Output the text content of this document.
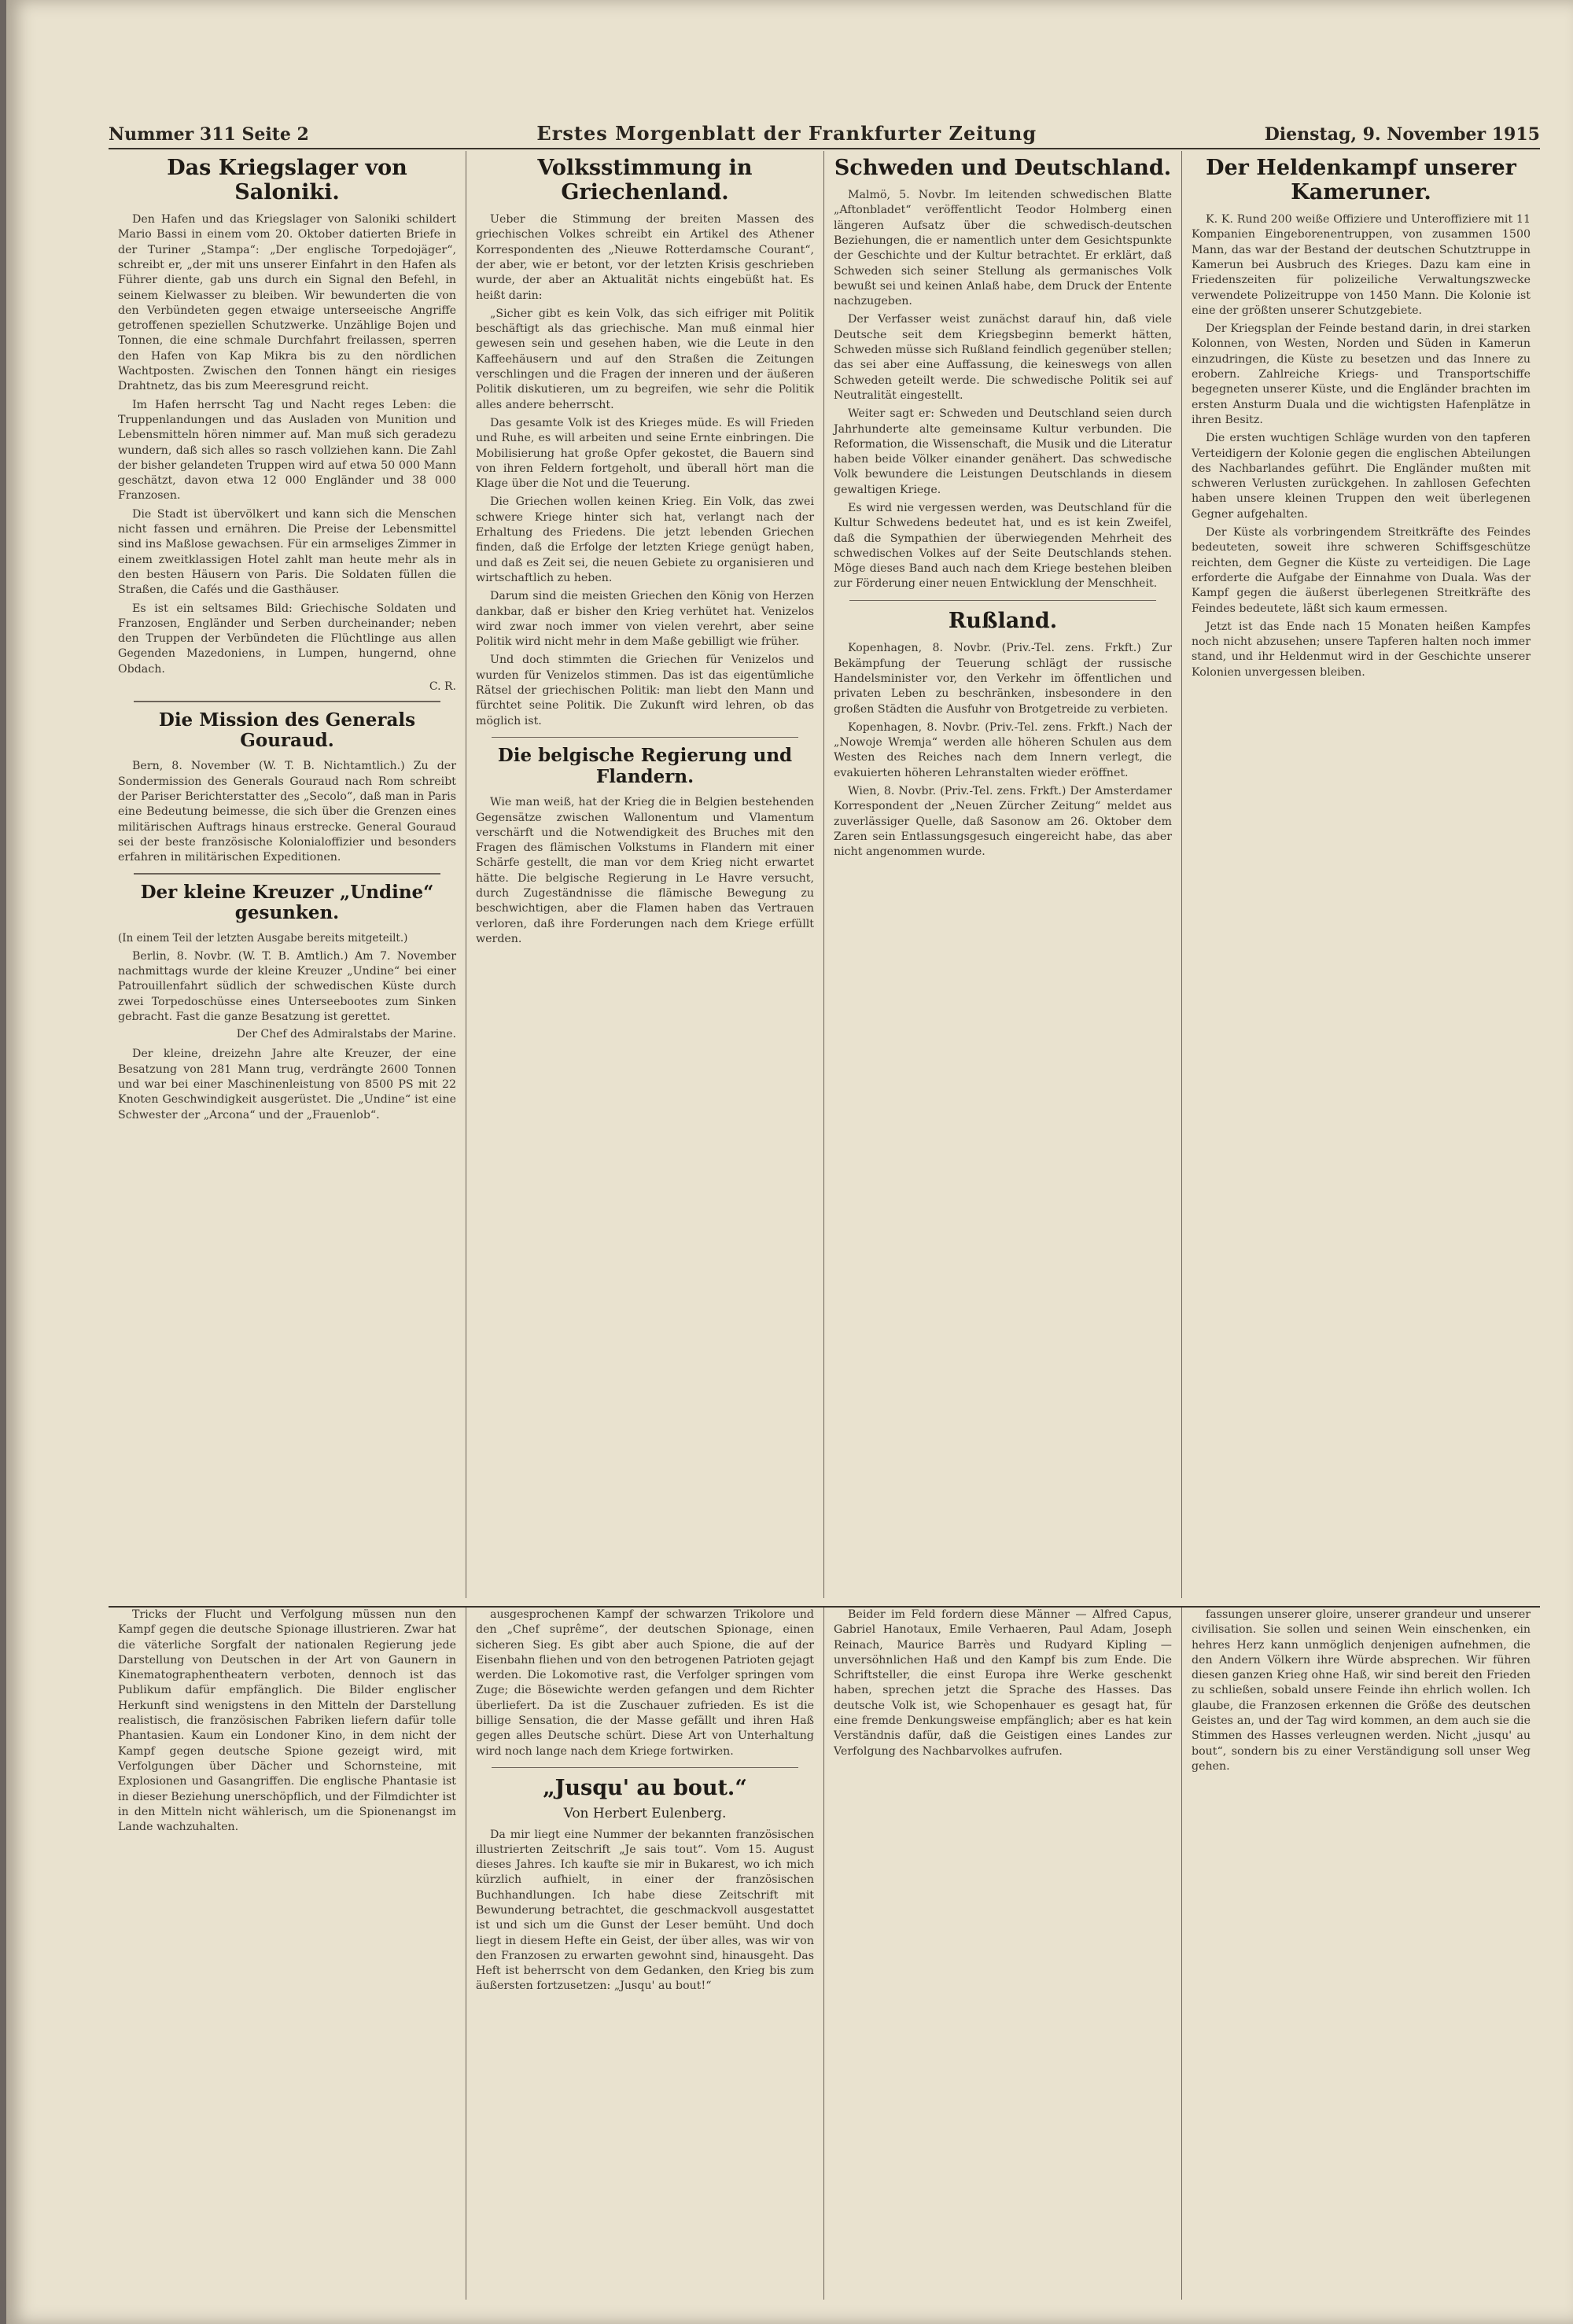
Nummer 311 Seite 2	Erstes Morgenblatt der Frankfurter Zeitung	Dienstag, 9. November 1915
Das Kriegslager von Saloniki.

Den Hafen und das Kriegslager von Saloniki schildert Mario Bassi in einem vom 20. Oktober datierten Briefe in der Turiner „Stampa“: „Der englische Torpedojäger“, schreibt er, „der mit uns unserer Einfahrt in den Hafen als Führer diente, gab uns durch ein Signal den Befehl, in seinem Kielwasser zu bleiben. Wir bewunderten die von den Verbündeten gegen etwaige unterseeische Angriffe getroffenen speziellen Schutzwerke. Unzählige Bojen und Tonnen, die eine schmale Durchfahrt freilassen, sperren den Hafen von Kap Mikra bis zu den nördlichen Wachtposten. Zwischen den Tonnen hängt ein riesiges Drahtnetz, das bis zum Meeresgrund reicht.

Im Hafen herrscht Tag und Nacht reges Leben: die Truppenlandungen und das Ausladen von Munition und Lebensmitteln hören nimmer auf. Man muß sich geradezu wundern, daß sich alles so rasch vollziehen kann. Die Zahl der bisher gelandeten Truppen wird auf etwa 50 000 Mann geschätzt, davon etwa 12 000 Engländer und 38 000 Franzosen.

Die Stadt ist übervölkert und kann sich die Menschen nicht fassen und ernähren. Die Preise der Lebensmittel sind ins Maßlose gewachsen. Für ein armseliges Zimmer in einem zweitklassigen Hotel zahlt man heute mehr als in den besten Häusern von Paris. Die Soldaten füllen die Straßen, die Cafés und die Gasthäuser.

Es ist ein seltsames Bild: Griechische Soldaten und Franzosen, Engländer und Serben durcheinander; neben den Truppen der Verbündeten die Flüchtlinge aus allen Gegenden Mazedoniens, in Lumpen, hungernd, ohne Obdach.

C. R.
Die Mission des Generals Gouraud.

Bern, 8. November (W. T. B. Nichtamtlich.) Zu der Sondermission des Generals Gouraud nach Rom schreibt der Pariser Berichterstatter des „Secolo“, daß man in Paris eine Bedeutung beimesse, die sich über die Grenzen eines militärischen Auftrags hinaus erstrecke. General Gouraud sei der beste französische Kolonialoffizier und besonders erfahren in militärischen Expeditionen.

Der kleine Kreuzer „Undine“ gesunken.
(In einem Teil der letzten Ausgabe bereits mitgeteilt.)

Berlin, 8. Novbr. (W. T. B. Amtlich.) Am 7. November nachmittags wurde der kleine Kreuzer „Undine“ bei einer Patrouillenfahrt südlich der schwedischen Küste durch zwei Torpedoschüsse eines Unterseebootes zum Sinken gebracht. Fast die ganze Besatzung ist gerettet.

Der Chef des Admiralstabs der Marine.

Der kleine, dreizehn Jahre alte Kreuzer, der eine Besatzung von 281 Mann trug, verdrängte 2600 Tonnen und war bei einer Maschinenleistung von 8500 PS mit 22 Knoten Geschwindigkeit ausgerüstet. Die „Undine“ ist eine Schwester der „Arcona“ und der „Frauenlob“.

Volksstimmung in Griechenland.

Ueber die Stimmung der breiten Massen des griechischen Volkes schreibt ein Artikel des Athener Korrespondenten des „Nieuwe Rotterdamsche Courant“, der aber, wie er betont, vor der letzten Krisis geschrieben wurde, der aber an Aktualität nichts eingebüßt hat. Es heißt darin:

„Sicher gibt es kein Volk, das sich eifriger mit Politik beschäftigt als das griechische. Man muß einmal hier gewesen sein und gesehen haben, wie die Leute in den Kaffeehäusern und auf den Straßen die Zeitungen verschlingen und die Fragen der inneren und der äußeren Politik diskutieren, um zu begreifen, wie sehr die Politik alles andere beherrscht.

Das gesamte Volk ist des Krieges müde. Es will Frieden und Ruhe, es will arbeiten und seine Ernte einbringen. Die Mobilisierung hat große Opfer gekostet, die Bauern sind von ihren Feldern fortgeholt, und überall hört man die Klage über die Not und die Teuerung.

Die Griechen wollen keinen Krieg. Ein Volk, das zwei schwere Kriege hinter sich hat, verlangt nach der Erhaltung des Friedens. Die jetzt lebenden Griechen finden, daß die Erfolge der letzten Kriege genügt haben, und daß es Zeit sei, die neuen Gebiete zu organisieren und wirtschaftlich zu heben.

Darum sind die meisten Griechen den König von Herzen dankbar, daß er bisher den Krieg verhütet hat. Venizelos wird zwar noch immer von vielen verehrt, aber seine Politik wird nicht mehr in dem Maße gebilligt wie früher.

Und doch stimmten die Griechen für Venizelos und wurden für Venizelos stimmen. Das ist das eigentümliche Rätsel der griechischen Politik: man liebt den Mann und fürchtet seine Politik. Die Zukunft wird lehren, ob das möglich ist.

Die belgische Regierung und Flandern.

Wie man weiß, hat der Krieg die in Belgien bestehenden Gegensätze zwischen Wallonentum und Vlamentum verschärft und die Notwendigkeit des Bruches mit den Fragen des flämischen Volkstums in Flandern mit einer Schärfe gestellt, die man vor dem Krieg nicht erwartet hätte. Die belgische Regierung in Le Havre versucht, durch Zugeständnisse die flämische Bewegung zu beschwichtigen, aber die Flamen haben das Vertrauen verloren, daß ihre Forderungen nach dem Kriege erfüllt werden.

Schweden und Deutschland.

Malmö, 5. Novbr. Im leitenden schwedischen Blatte „Aftonbladet“ veröffentlicht Teodor Holmberg einen längeren Aufsatz über die schwedisch-deutschen Beziehungen, die er namentlich unter dem Gesichtspunkte der Geschichte und der Kultur betrachtet. Er erklärt, daß Schweden sich seiner Stellung als germanisches Volk bewußt sei und keinen Anlaß habe, dem Druck der Entente nachzugeben.

Der Verfasser weist zunächst darauf hin, daß viele Deutsche seit dem Kriegsbeginn bemerkt hätten, Schweden müsse sich Rußland feindlich gegenüber stellen; das sei aber eine Auffassung, die keineswegs von allen Schweden geteilt werde. Die schwedische Politik sei auf Neutralität eingestellt.

Weiter sagt er: Schweden und Deutschland seien durch Jahrhunderte alte gemeinsame Kultur verbunden. Die Reformation, die Wissenschaft, die Musik und die Literatur haben beide Völker einander genähert. Das schwedische Volk bewundere die Leistungen Deutschlands in diesem gewaltigen Kriege.

Es wird nie vergessen werden, was Deutschland für die Kultur Schwedens bedeutet hat, und es ist kein Zweifel, daß die Sympathien der überwiegenden Mehrheit des schwedischen Volkes auf der Seite Deutschlands stehen. Möge dieses Band auch nach dem Kriege bestehen bleiben zur Förderung einer neuen Entwicklung der Menschheit.

Rußland.

Kopenhagen, 8. Novbr. (Priv.-Tel. zens. Frkft.) Zur Bekämpfung der Teuerung schlägt der russische Handelsminister vor, den Verkehr im öffentlichen und privaten Leben zu beschränken, insbesondere in den großen Städten die Ausfuhr von Brotgetreide zu verbieten.

Kopenhagen, 8. Novbr. (Priv.-Tel. zens. Frkft.) Nach der „Nowoje Wremja“ werden alle höheren Schulen aus dem Westen des Reiches nach dem Innern verlegt, die evakuierten höheren Lehranstalten wieder eröffnet.

Wien, 8. Novbr. (Priv.-Tel. zens. Frkft.) Der Amsterdamer Korrespondent der „Neuen Zürcher Zeitung“ meldet aus zuverlässiger Quelle, daß Sasonow am 26. Oktober dem Zaren sein Entlassungsgesuch eingereicht habe, das aber nicht angenommen wurde.

Der Heldenkampf unserer Kameruner.

K. K. Rund 200 weiße Offiziere und Unteroffiziere mit 11 Kompanien Eingeborenentruppen, von zusammen 1500 Mann, das war der Bestand der deutschen Schutztruppe in Kamerun bei Ausbruch des Krieges. Dazu kam eine in Friedenszeiten für polizeiliche Verwaltungszwecke verwendete Polizeitruppe von 1450 Mann. Die Kolonie ist eine der größten unserer Schutzgebiete.

Der Kriegsplan der Feinde bestand darin, in drei starken Kolonnen, von Westen, Norden und Süden in Kamerun einzudringen, die Küste zu besetzen und das Innere zu erobern. Zahlreiche Kriegs- und Transportschiffe begegneten unserer Küste, und die Engländer brachten im ersten Ansturm Duala und die wichtigsten Hafenplätze in ihren Besitz.

Die ersten wuchtigen Schläge wurden von den tapferen Verteidigern der Kolonie gegen die englischen Abteilungen des Nachbarlandes geführt. Die Engländer mußten mit schweren Verlusten zurückgehen. In zahllosen Gefechten haben unsere kleinen Truppen den weit überlegenen Gegner aufgehalten.

Der Küste als vorbringendem Streitkräfte des Feindes bedeuteten, soweit ihre schweren Schiffsgeschütze reichten, dem Gegner die Küste zu verteidigen. Die Lage erforderte die Aufgabe der Einnahme von Duala. Was der Kampf gegen die äußerst überlegenen Streitkräfte des Feindes bedeutete, läßt sich kaum ermessen.

Jetzt ist das Ende nach 15 Monaten heißen Kampfes noch nicht abzusehen; unsere Tapferen halten noch immer stand, und ihr Heldenmut wird in der Geschichte unserer Kolonien unvergessen bleiben.

Tricks der Flucht und Verfolgung müssen nun den Kampf gegen die deutsche Spionage illustrieren. Zwar hat die väterliche Sorgfalt der nationalen Regierung jede Darstellung von Deutschen in der Art von Gaunern in Kinematographentheatern verboten, dennoch ist das Publikum dafür empfänglich. Die Bilder englischer Herkunft sind wenigstens in den Mitteln der Darstellung realistisch, die französischen Fabriken liefern dafür tolle Phantasien. Kaum ein Londoner Kino, in dem nicht der Kampf gegen deutsche Spione gezeigt wird, mit Verfolgungen über Dächer und Schornsteine, mit Explosionen und Gasangriffen. Die englische Phantasie ist in dieser Beziehung unerschöpflich, und der Filmdichter ist in den Mitteln nicht wählerisch, um die Spionenangst im Lande wachzuhalten.

ausgesprochenen Kampf der schwarzen Trikolore und den „Chef suprême“, der deutschen Spionage, einen sicheren Sieg. Es gibt aber auch Spione, die auf der Eisenbahn fliehen und von den betrogenen Patrioten gejagt werden. Die Lokomotive rast, die Verfolger springen vom Zuge; die Bösewichte werden gefangen und dem Richter überliefert. Da ist die Zuschauer zufrieden. Es ist die billige Sensation, die der Masse gefällt und ihren Haß gegen alles Deutsche schürt. Diese Art von Unterhaltung wird noch lange nach dem Kriege fortwirken.

„Jusqu' au bout.“
Von Herbert Eulenberg.

Da mir liegt eine Nummer der bekannten französischen illustrierten Zeitschrift „Je sais tout“. Vom 15. August dieses Jahres. Ich kaufte sie mir in Bukarest, wo ich mich kürzlich aufhielt, in einer der französischen Buchhandlungen. Ich habe diese Zeitschrift mit Bewunderung betrachtet, die geschmackvoll ausgestattet ist und sich um die Gunst der Leser bemüht. Und doch liegt in diesem Hefte ein Geist, der über alles, was wir von den Franzosen zu erwarten gewohnt sind, hinausgeht. Das Heft ist beherrscht von dem Gedanken, den Krieg bis zum äußersten fortzusetzen: „Jusqu' au bout!“

Beider im Feld fordern diese Männer — Alfred Capus, Gabriel Hanotaux, Emile Verhaeren, Paul Adam, Joseph Reinach, Maurice Barrès und Rudyard Kipling — unversöhnlichen Haß und den Kampf bis zum Ende. Die Schriftsteller, die einst Europa ihre Werke geschenkt haben, sprechen jetzt die Sprache des Hasses. Das deutsche Volk ist, wie Schopenhauer es gesagt hat, für eine fremde Denkungsweise empfänglich; aber es hat kein Verständnis dafür, daß die Geistigen eines Landes zur Verfolgung des Nachbarvolkes aufrufen.

fassungen unserer gloire, unserer grandeur und unserer civilisation. Sie sollen und seinen Wein einschenken, ein hehres Herz kann unmöglich denjenigen aufnehmen, die den Andern Völkern ihre Würde absprechen. Wir führen diesen ganzen Krieg ohne Haß, wir sind bereit den Frieden zu schließen, sobald unsere Feinde ihn ehrlich wollen. Ich glaube, die Franzosen erkennen die Größe des deutschen Geistes an, und der Tag wird kommen, an dem auch sie die Stimmen des Hasses verleugnen werden. Nicht „jusqu' au bout“, sondern bis zu einer Verständigung soll unser Weg gehen.
